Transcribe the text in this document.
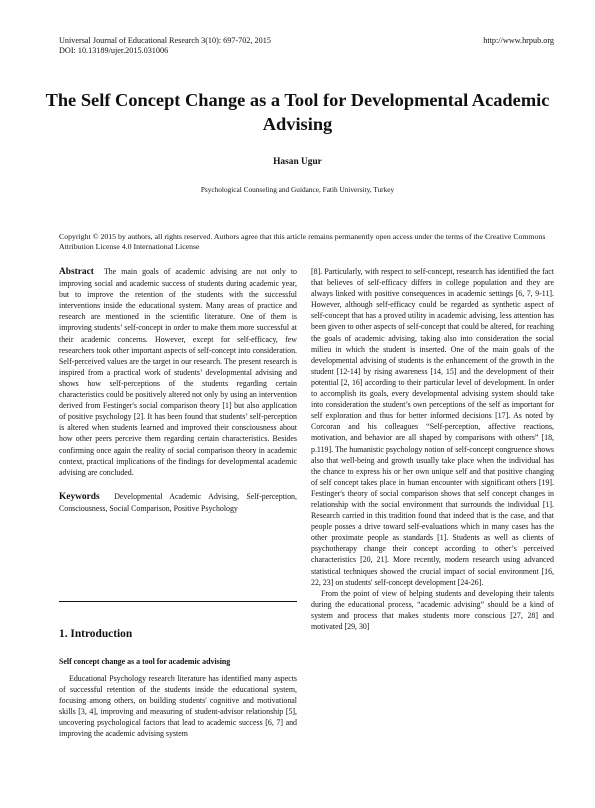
Universal Journal of Educational Research 3(10): 697-702, 2015
DOI: 10.13189/ujer.2015.031006
http://www.hrpub.org
The Self Concept Change as a Tool for Developmental Academic Advising
Hasan Ugur
Psychological Counseling and Guidance, Fatih University, Turkey
Copyright © 2015 by authors, all rights reserved. Authors agree that this article remains permanently open access under the terms of the Creative Commons Attribution License 4.0 International License

Abstract The main goals of academic advising are not only to improving social and academic success of students during academic year, but to improve the retention of the students with the successful interventions inside the educational system. Many areas of practice and research are mentioned in the scientific literature. One of them is improving students’ self-concept in order to make them more successful at their academic concerns. However, except for self-efficacy, few researchers took other important aspects of self-concept into consideration. Self-perceived values are the target in our research. The present research is inspired from a practical work of students’ developmental advising and shows how self-perceptions of the students regarding certain characteristics could be positively altered not only by using an intervention derived from Festinger's social comparison theory [1] but also application of positive psychology [2]. It has been found that students’ self-perception is altered when students learned and improved their consciousness about how other peers perceive them regarding certain characteristics. Besides confirming once again the reality of social comparison theory in academic context, practical implications of the findings for developmental academic advising are concluded.

Keywords Developmental Academic Advising, Self-perception, Consciousness, Social Comparison, Positive Psychology

1. Introduction
Self concept change as a tool for academic advising
Educational Psychology research literature has identified many aspects of successful retention of the students inside the educational system, focusing among others, on building students' cognitive and motivational skills [3, 4], improving and measuring of student-advisor relationship [5], uncovering psychological factors that lead to academic success [6, 7] and improving the academic advising system

[8]. Particularly, with respect to self-concept, research has identified the fact that believes of self-efficacy differs in college population and they are always linked with positive consequences in academic settings [6, 7, 9-11]. However, although self-efficacy could be regarded as synthetic aspect of self-concept that has a proved utility in academic advising, less attention has been given to other aspects of self-concept that could be altered, for reaching the goals of academic advising, taking also into consideration the social milieu in which the student is inserted. One of the main goals of the developmental advising of students is the enhancement of the growth in the student [12-14] by rising awareness [14, 15] and the development of their potential [2, 16] according to their particular level of development. In order to accomplish its goals, every developmental advising system should take into consideration the student’s own perceptions of the self as important for self exploration and thus for better informed decisions [17]. As noted by Corcoran and his colleagues “Self-perception, affective reactions, motivation, and behavior are all shaped by comparisons with others” [18, p.119]. The humanistic psychology notion of self-concept congruence shows also that well-being and growth usually take place when the individual has the chance to express his or her own unique self and that positive changing of self concept takes place in human encounter with significant others [19]. Festinger's theory of social comparison shows that self concept changes in relationship with the social environment that surrounds the individual [1]. Research carried in this tradition found that indeed that is the case, and that people posses a drive toward self-evaluations which in many cases has the other proximate people as standards [1]. Students as well as clients of psychotherapy change their concept according to other’s perceived characteristics [20, 21]. More recently, modern research using advanced statistical techniques showed the crucial impact of social environment [16, 22, 23] on students' self-concept development [24-26].

From the point of view of helping students and developing their talents during the educational process, “academic advising” should be a kind of system and process that makes students more conscious [27, 28] and motivated [29, 30]
